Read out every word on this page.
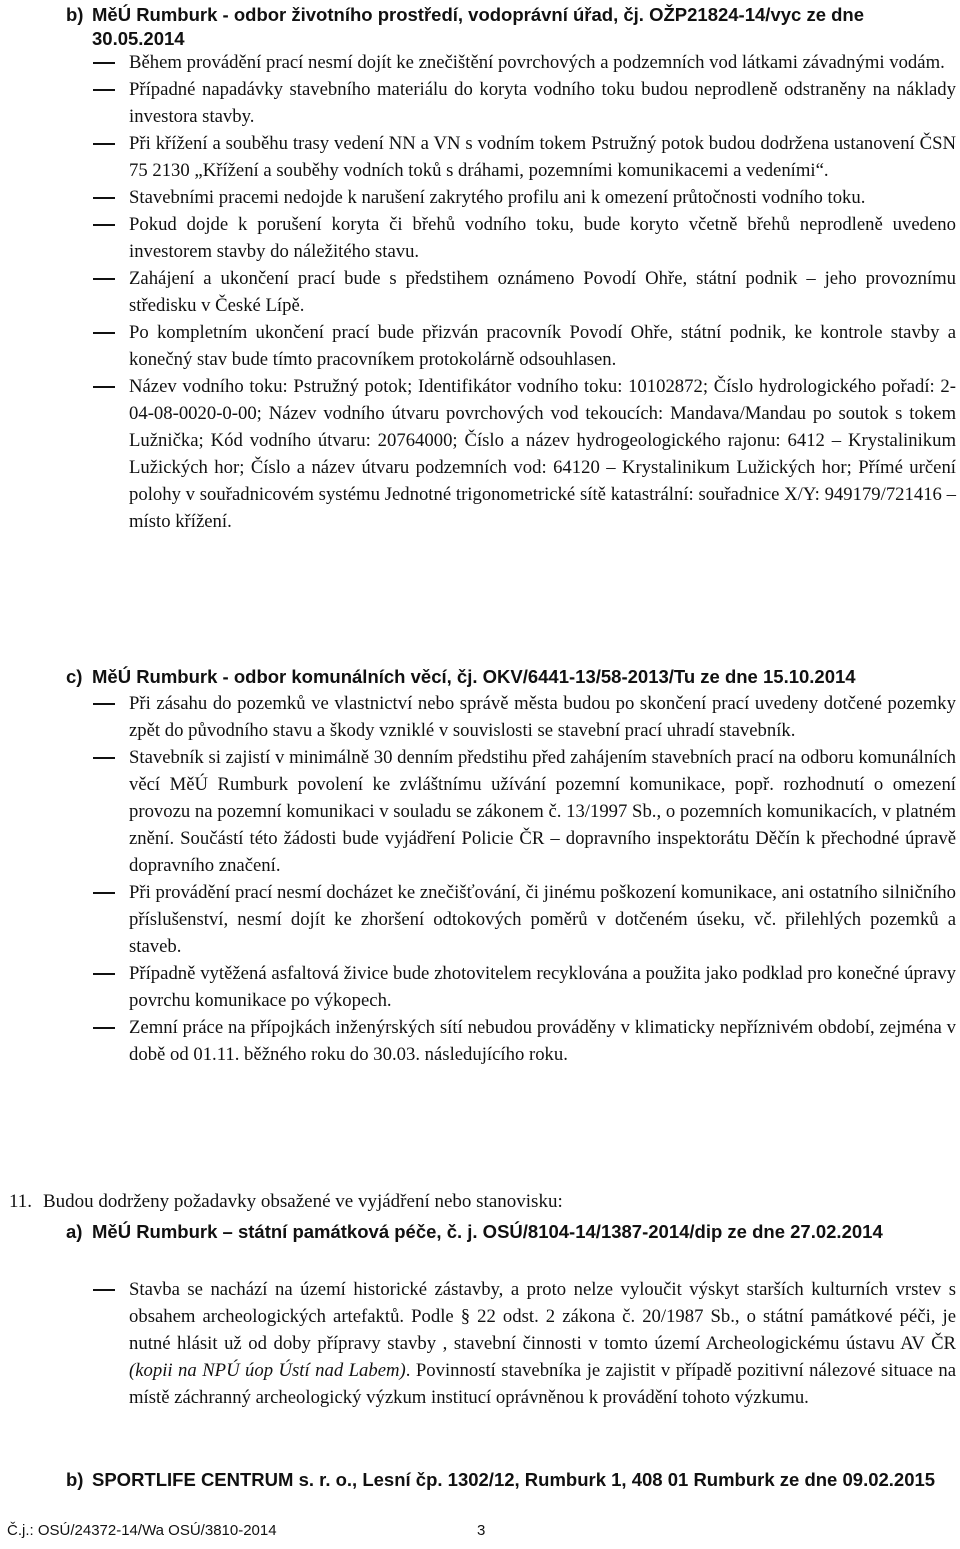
b) MěÚ Rumburk - odbor životního prostředí, vodoprávní úřad, čj. OŽP21824-14/vyc ze dne 30.05.2014
Během provádění prací nesmí dojít ke znečištění povrchových a podzemních vod látkami závadnými vodám.
Případné napadávky stavebního materiálu do koryta vodního toku budou neprodleně odstraněny na náklady investora stavby.
Při křížení a souběhu trasy vedení NN a VN s vodním tokem Pstružný potok budou dodržena ustanovení ČSN 75 2130 „Křížení a souběhy vodních toků s dráhami, pozemními komunikacemi a vedeními“.
Stavebními pracemi nedojde k narušení zakrytého profilu ani k omezení průtočnosti vodního toku.
Pokud dojde k porušení koryta či břehů vodního toku, bude koryto včetně břehů neprodleně uvedeno investorem stavby do náležitého stavu.
Zahájení a ukončení prací bude s předstihem oznámeno Povodí Ohře, státní podnik – jeho provoznímu středisku v České Lípě.
Po kompletním ukončení prací bude přizván pracovník Povodí Ohře, státní podnik, ke kontrole stavby a konečný stav bude tímto pracovníkem protokolárně odsouhlasen.
Název vodního toku: Pstružný potok; Identifikátor vodního toku: 10102872; Číslo hydrologického pořadí: 2-04-08-0020-0-00; Název vodního útvaru povrchových vod tekoucích: Mandava/Mandau po soutok s tokem Lužnička; Kód vodního útvaru: 20764000; Číslo a název hydrogeologického rajonu: 6412 – Krystalinikum Lužických hor; Číslo a název útvaru podzemních vod: 64120 – Krystalinikum Lužických hor; Přímé určení polohy v souřadnicovém systému Jednotné trigonometrické sítě katastrální: souřadnice X/Y: 949179/721416 – místo křížení.
c) MěÚ Rumburk - odbor komunálních věcí, čj. OKV/6441-13/58-2013/Tu ze dne 15.10.2014
Při zásahu do pozemků ve vlastnictví nebo správě města budou po skončení prací uvedeny dotčené pozemky zpět do původního stavu a škody vzniklé v souvislosti se stavební prací uhradí stavebník.
Stavebník si zajistí v minimálně 30 denním předstihu před zahájením stavebních prací na odboru komunálních věcí MěÚ Rumburk povolení ke zvláštnímu užívání pozemní komunikace, popř. rozhodnutí o omezení provozu na pozemní komunikaci v souladu se zákonem č. 13/1997 Sb., o pozemních komunikacích, v platném znění. Součástí této žádosti bude vyjádření Policie ČR – dopravního inspektorátu Děčín k přechodné úpravě dopravního značení.
Při provádění prací nesmí docházet ke znečišťování, či jinému poškození komunikace, ani ostatního silničního příslušenství, nesmí dojít ke zhoršení odtokových poměrů v dotčeném úseku, vč. přilehlých pozemků a staveb.
Případně vytěžená asfaltová živice bude zhotovitelem recyklována a použita jako podklad pro konečné úpravy povrchu komunikace po výkopech.
Zemní práce na přípojkách inženýrských sítí nebudou prováděny v klimaticky nepříznivém období, zejména v době od 01.11. běžného roku do 30.03. následujícího roku.
11. Budou dodrženy požadavky obsažené ve vyjádření nebo stanovisku:
a) MěÚ Rumburk – státní památková péče, č. j. OSÚ/8104-14/1387-2014/dip ze dne 27.02.2014
Stavba se nachází na území historické zástavby, a proto nelze vyloučit výskyt starších kulturních vrstev s obsahem archeologických artefaktů. Podle § 22 odst. 2 zákona č. 20/1987 Sb., o státní památkové péči, je nutné hlásit už od doby přípravy stavby , stavební činnosti v tomto území Archeologickému ústavu AV ČR (kopii na NPÚ úop Ústí nad Labem). Povinností stavebníka je zajistit v případě pozitivní nálezové situace na místě záchranný archeologický výzkum institucí oprávněnou k provádění tohoto výzkumu.
b) SPORTLIFE CENTRUM s. r. o., Lesní čp. 1302/12, Rumburk 1, 408 01 Rumburk ze dne 09.02.2015
Č.j.: OSÚ/24372-14/Wa OSÚ/3810-2014	3
